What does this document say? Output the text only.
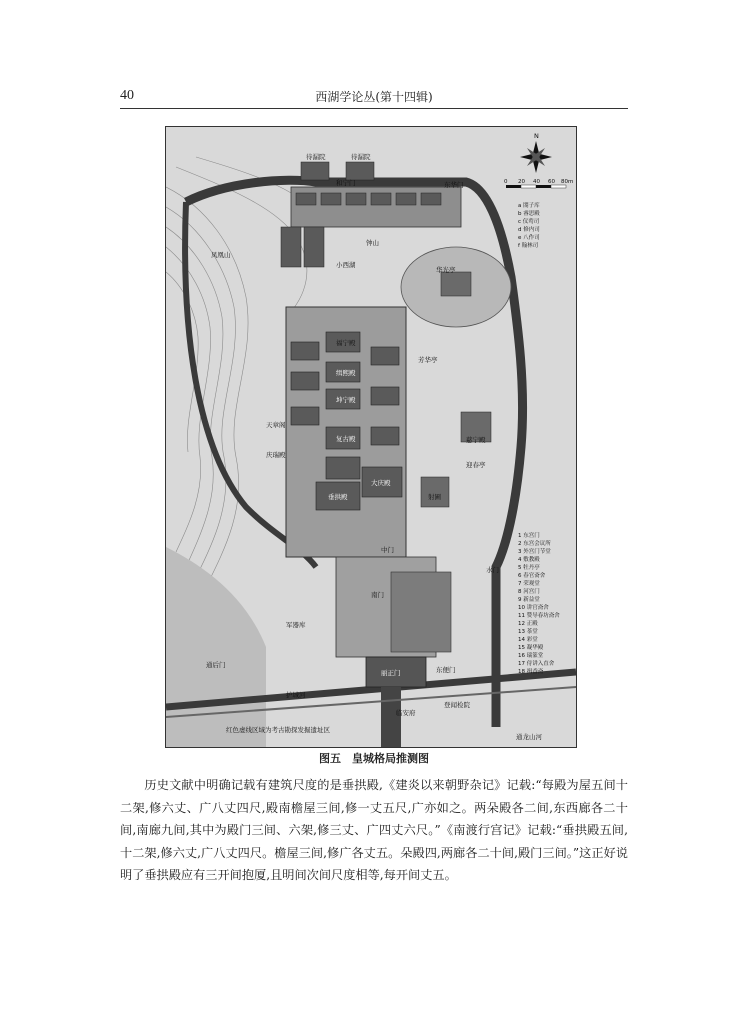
40	西湖学论丛(第十四辑)
N
0 20 40 60 80m
a 閤子库
b 睿思殿
c 仪鸾司
d 修内司
e 八作司
f 翰林司
1 东宫门
2 东宫会议所
3 外宫门节堂
4 敷教殿
5 牡丹亭
6 春官斋舍
7 荣观堂
8 河宫门
9 新益堂
10 讲官斋舍
11 赞导春坊斋舍
12 正殿
13 茶堂
14 彩堂
15 凝华殿
16 瑞篆堂
17 侍讲入直舍
18 揖香斋
待漏院	待漏院
和宁门	东华门
钟山
小西湖
凤凰山
福宁殿
缉熙殿
坤宁殿
复古殿
垂拱殿
大庆殿
中门
南门
丽正门	东便门
登闻检院
护城河
通后门
临安府
军器库
华光亭
芳华亭
慈宁殿
迎春亭
射圃
水门
天章阁
庆瑞殿
红色虚线区域为考古勘探发掘遗址区
通龙山河
图五　皇城格局推测图

历史文献中明确记载有建筑尺度的是垂拱殿,《建炎以来朝野杂记》记载:“每殿为屋五间十二架,修六丈、广八丈四尺,殿南檐屋三间,修一丈五尺,广亦如之。两朵殿各二间,东西廊各二十间,南廊九间,其中为殿门三间、六架,修三丈、广四丈六尺。”《南渡行宫记》记载:“垂拱殿五间,十二架,修六丈,广八丈四尺。檐屋三间,修广各丈五。朵殿四,两廊各二十间,殿门三间。”这正好说明了垂拱殿应有三开间抱厦,且明间次间尺度相等,每开间丈五。
